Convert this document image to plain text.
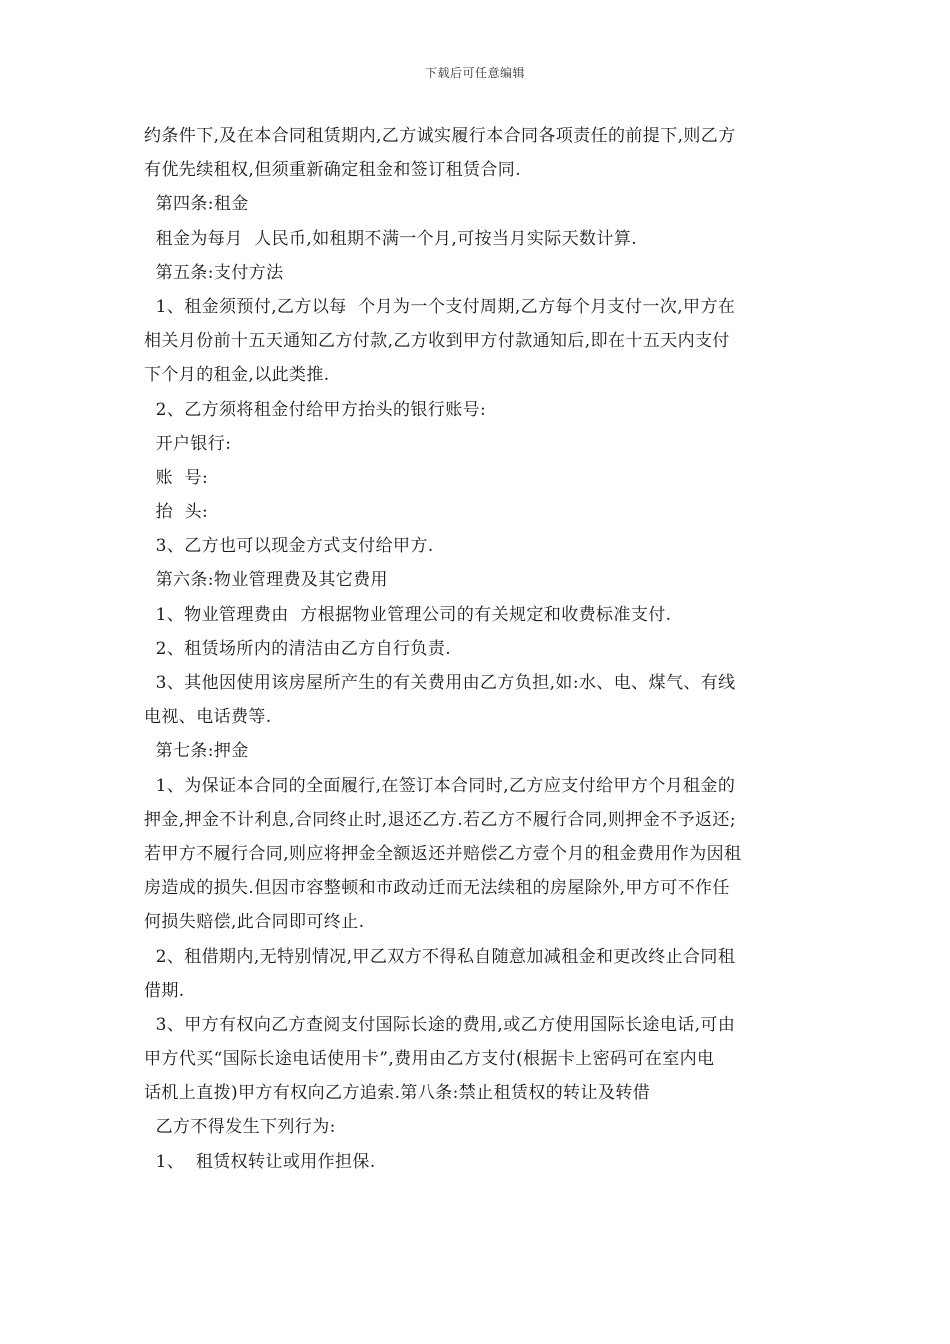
下载后可任意编辑
约条件下,及在本合同租赁期内,乙方诚实履行本合同各项责任的前提下,则乙方
有优先续租权,但须重新确定租金和签订租赁合同.
第四条:租金
租金为每月  人民币,如租期不满一个月,可按当月实际天数计算.
第五条:支付方法
1、租金须预付,乙方以每  个月为一个支付周期,乙方每个月支付一次,甲方在
相关月份前十五天通知乙方付款,乙方收到甲方付款通知后,即在十五天内支付
下个月的租金,以此类推.
2、乙方须将租金付给甲方抬头的银行账号:
开户银行:
账  号:
抬  头:
3、乙方也可以现金方式支付给甲方.
第六条:物业管理费及其它费用
1、物业管理费由  方根据物业管理公司的有关规定和收费标准支付.
2、租赁场所内的清洁由乙方自行负责.
3、其他因使用该房屋所产生的有关费用由乙方负担,如:水、电、煤气、有线
电视、电话费等.
第七条:押金
1、为保证本合同的全面履行,在签订本合同时,乙方应支付给甲方个月租金的
押金,押金不计利息,合同终止时,退还乙方.若乙方不履行合同,则押金不予返还;
若甲方不履行合同,则应将押金全额返还并赔偿乙方壹个月的租金费用作为因租
房造成的损失.但因市容整顿和市政动迁而无法续租的房屋除外,甲方可不作任
何损失赔偿,此合同即可终止.
2、租借期内,无特别情况,甲乙双方不得私自随意加减租金和更改终止合同租
借期.
3、甲方有权向乙方查阅支付国际长途的费用,或乙方使用国际长途电话,可由
甲方代买“国际长途电话使用卡”,费用由乙方支付(根据卡上密码可在室内电
话机上直拨)甲方有权向乙方追索.第八条:禁止租赁权的转让及转借
乙方不得发生下列行为:
1、  租赁权转让或用作担保.
